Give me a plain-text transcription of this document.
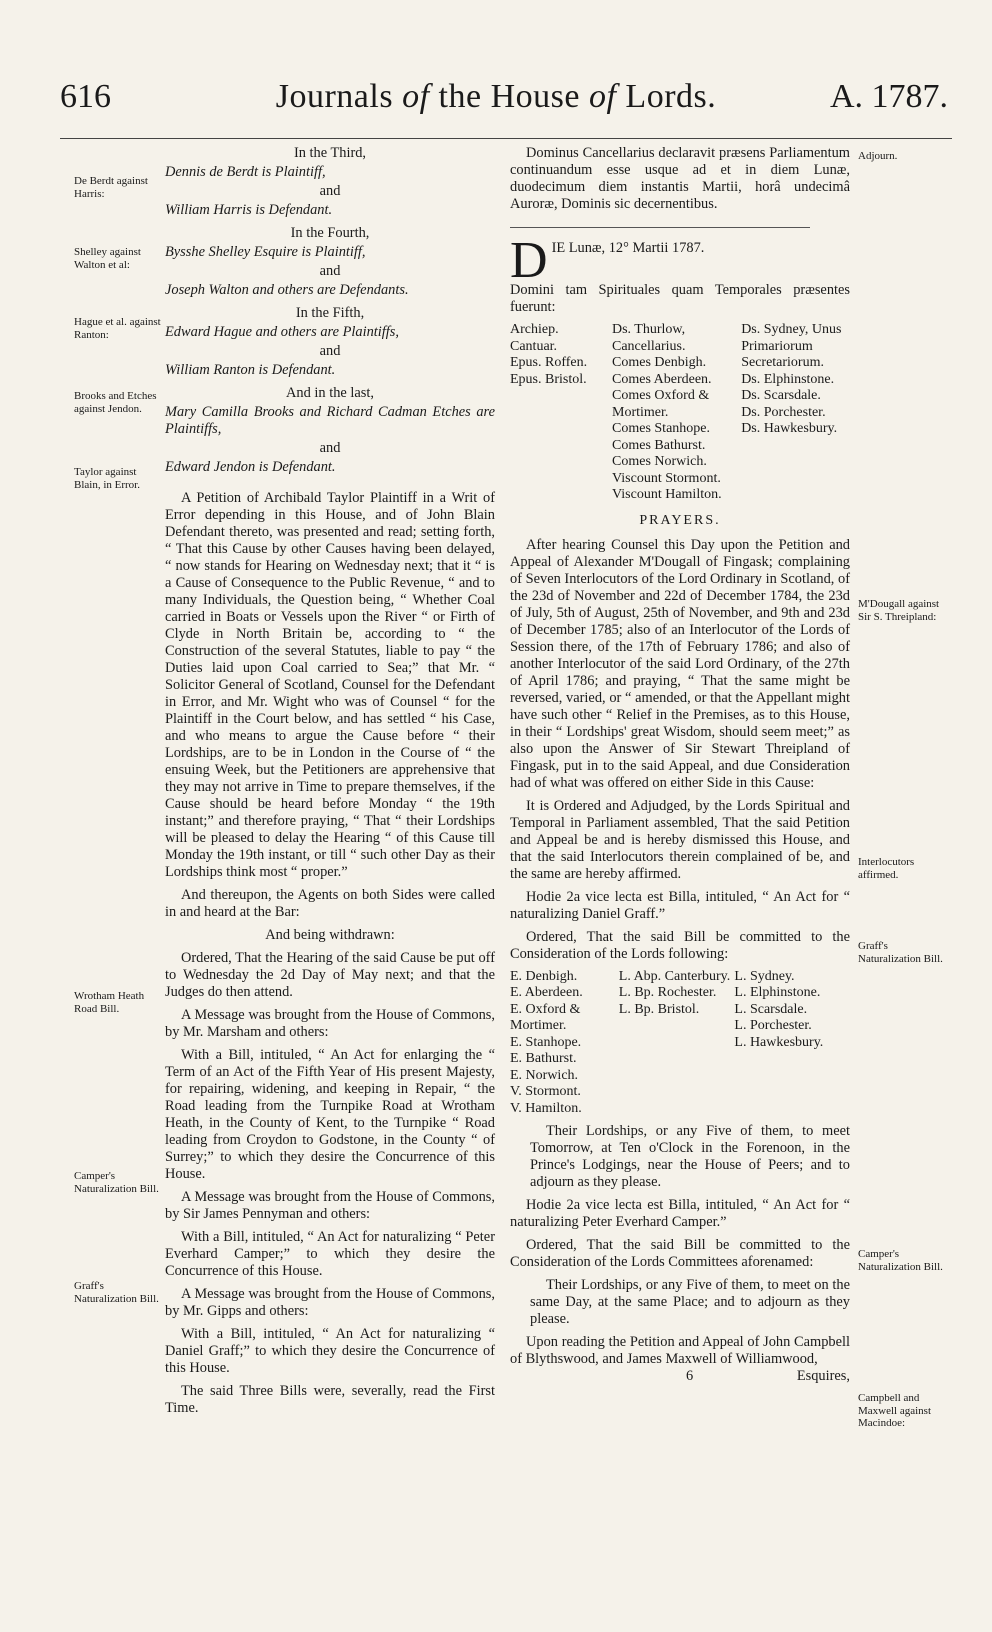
616	Journals of the House of Lords.	A. 1787.
De Berdt against Harris:
Shelley against Walton et al:
Hague et al. against Ranton:
Brooks and Etches against Jendon.
Taylor against Blain, in Error.
Wrotham Heath Road Bill.
Camper's Naturalization Bill.
Graff's Naturalization Bill.

In the Third,

Dennis de Berdt is Plaintiff,

and

William Harris is Defendant.

In the Fourth,

Bysshe Shelley Esquire is Plaintiff,

and

Joseph Walton and others are Defendants.

In the Fifth,

Edward Hague and others are Plaintiffs,

and

William Ranton is Defendant.

And in the last,

Mary Camilla Brooks and Richard Cadman Etches are Plaintiffs,

and

Edward Jendon is Defendant.

A Petition of Archibald Taylor Plaintiff in a Writ of Error depending in this House, and of John Blain Defendant thereto, was presented and read; setting forth, “ That this Cause by other Causes having been delayed, “ now stands for Hearing on Wednesday next; that it “ is a Cause of Consequence to the Public Revenue, “ and to many Individuals, the Question being, “ Whether Coal carried in Boats or Vessels upon the River “ or Firth of Clyde in North Britain be, according to “ the Construction of the several Statutes, liable to pay “ the Duties laid upon Coal carried to Sea;” that Mr. “ Solicitor General of Scotland, Counsel for the Defendant in Error, and Mr. Wight who was of Counsel “ for the Plaintiff in the Court below, and has settled “ his Case, and who means to argue the Cause before “ their Lordships, are to be in London in the Course of “ the ensuing Week, but the Petitioners are apprehensive that they may not arrive in Time to prepare themselves, if the Cause should be heard before Monday “ the 19th instant;” and therefore praying, “ That “ their Lordships will be pleased to delay the Hearing “ of this Cause till Monday the 19th instant, or till “ such other Day as their Lordships think most “ proper.”

And thereupon, the Agents on both Sides were called in and heard at the Bar:

And being withdrawn:

Ordered, That the Hearing of the said Cause be put off to Wednesday the 2d Day of May next; and that the Judges do then attend.

A Message was brought from the House of Commons, by Mr. Marsham and others:

With a Bill, intituled, “ An Act for enlarging the “ Term of an Act of the Fifth Year of His present Majesty, for repairing, widening, and keeping in Repair, “ the Road leading from the Turnpike Road at Wrotham Heath, in the County of Kent, to the Turnpike “ Road leading from Croydon to Godstone, in the County “ of Surrey;” to which they desire the Concurrence of this House.

A Message was brought from the House of Commons, by Sir James Pennyman and others:

With a Bill, intituled, “ An Act for naturalizing “ Peter Everhard Camper;” to which they desire the Concurrence of this House.

A Message was brought from the House of Commons, by Mr. Gipps and others:

With a Bill, intituled, “ An Act for naturalizing “ Daniel Graff;” to which they desire the Concurrence of this House.

The said Three Bills were, severally, read the First Time.

Dominus Cancellarius declaravit præsens Parliamentum continuandum esse usque ad et in diem Lunæ, duodecimum diem instantis Martii, horâ undecimâ Auroræ, Dominis sic decernentibus.

DIE Lunæ, 12° Martii 1787.

Domini tam Spirituales quam Temporales præsentes fuerunt:

Archiep. Cantuar.
Epus. Roffen.
Epus. Bristol.

Ds. Thurlow, Cancellarius.
Comes Denbigh.
Comes Aberdeen.
Comes Oxford & Mortimer.
Comes Stanhope.
Comes Bathurst.
Comes Norwich.
Viscount Stormont.
Viscount Hamilton.

Ds. Sydney, Unus Primariorum Secretariorum.
Ds. Elphinstone.
Ds. Scarsdale.
Ds. Porchester.
Ds. Hawkesbury.

PRAYERS.

After hearing Counsel this Day upon the Petition and Appeal of Alexander M'Dougall of Fingask; complaining of Seven Interlocutors of the Lord Ordinary in Scotland, of the 23d of November and 22d of December 1784, the 23d of July, 5th of August, 25th of November, and 9th and 23d of December 1785; also of an Interlocutor of the Lords of Session there, of the 17th of February 1786; and also of another Interlocutor of the said Lord Ordinary, of the 27th of April 1786; and praying, “ That the same might be reversed, varied, or “ amended, or that the Appellant might have such other “ Relief in the Premises, as to this House, in their “ Lordships' great Wisdom, should seem meet;” as also upon the Answer of Sir Stewart Threipland of Fingask, put in to the said Appeal, and due Consideration had of what was offered on either Side in this Cause:

It is Ordered and Adjudged, by the Lords Spiritual and Temporal in Parliament assembled, That the said Petition and Appeal be and is hereby dismissed this House, and that the said Interlocutors therein complained of be, and the same are hereby affirmed.

Hodie 2a vice lecta est Billa, intituled, “ An Act for “ naturalizing Daniel Graff.”

Ordered, That the said Bill be committed to the Consideration of the Lords following:

E. Denbigh.
E. Aberdeen.
E. Oxford & Mortimer.
E. Stanhope.
E. Bathurst.
E. Norwich.
V. Stormont.
V. Hamilton.

L. Abp. Canterbury.
L. Bp. Rochester.
L. Bp. Bristol.

L. Sydney.
L. Elphinstone.
L. Scarsdale.
L. Porchester.
L. Hawkesbury.

Their Lordships, or any Five of them, to meet Tomorrow, at Ten o'Clock in the Forenoon, in the Prince's Lodgings, near the House of Peers; and to adjourn as they please.

Hodie 2a vice lecta est Billa, intituled, “ An Act for “ naturalizing Peter Everhard Camper.”

Ordered, That the said Bill be committed to the Consideration of the Lords Committees aforenamed:

Their Lordships, or any Five of them, to meet on the same Day, at the same Place; and to adjourn as they please.

Upon reading the Petition and Appeal of John Campbell of Blythswood, and James Maxwell of Williamwood,

6	Esquires,
Adjourn.
M'Dougall against Sir S. Threipland:
Interlocutors affirmed.
Graff's Naturalization Bill.
Camper's Naturalization Bill.
Campbell and Maxwell against Macindoe:
